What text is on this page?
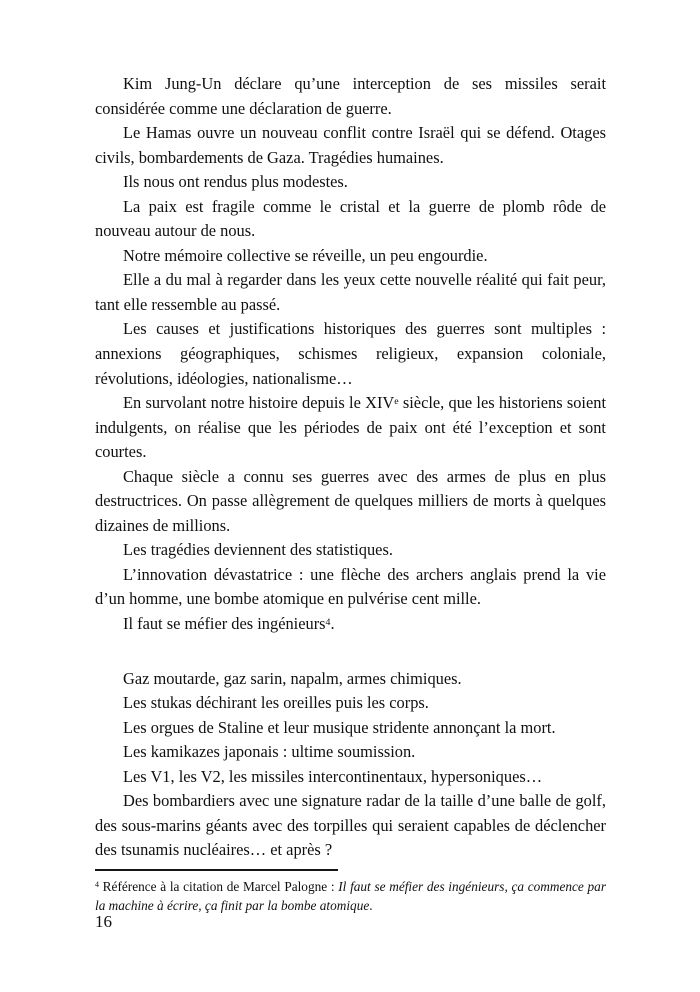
Kim Jung-Un déclare qu’une interception de ses missiles serait considérée comme une déclaration de guerre.

Le Hamas ouvre un nouveau conflit contre Israël qui se défend. Otages civils, bombardements de Gaza. Tragédies humaines.

Ils nous ont rendus plus modestes.

La paix est fragile comme le cristal et la guerre de plomb rôde de nouveau autour de nous.

Notre mémoire collective se réveille, un peu engourdie.

Elle a du mal à regarder dans les yeux cette nouvelle réalité qui fait peur, tant elle ressemble au passé.

Les causes et justifications historiques des guerres sont multiples : annexions géographiques, schismes religieux, expansion coloniale, révolutions, idéologies, nationalisme…

En survolant notre histoire depuis le XIVe siècle, que les historiens soient indulgents, on réalise que les périodes de paix ont été l’exception et sont courtes.

Chaque siècle a connu ses guerres avec des armes de plus en plus destructrices. On passe allègrement de quelques milliers de morts à quelques dizaines de millions.

Les tragédies deviennent des statistiques.

L’innovation dévastatrice : une flèche des archers anglais prend la vie d’un homme, une bombe atomique en pulvérise cent mille.

Il faut se méfier des ingénieurs$^4$.

Gaz moutarde, gaz sarin, napalm, armes chimiques.

Les stukas déchirant les oreilles puis les corps.

Les orgues de Staline et leur musique stridente annonçant la mort.

Les kamikazes japonais : ultime soumission.

Les V1, les V2, les missiles intercontinentaux, hypersoniques…

Des bombardiers avec une signature radar de la taille d’une balle de golf, des sous-marins géants avec des torpilles qui seraient capables de déclencher des tsunamis nucléaires… et après ?

$^4$ Référence à la citation de Marcel Palogne : Il faut se méfier des ingénieurs, ça commence par la machine à écrire, ça finit par la bombe atomique.

16
